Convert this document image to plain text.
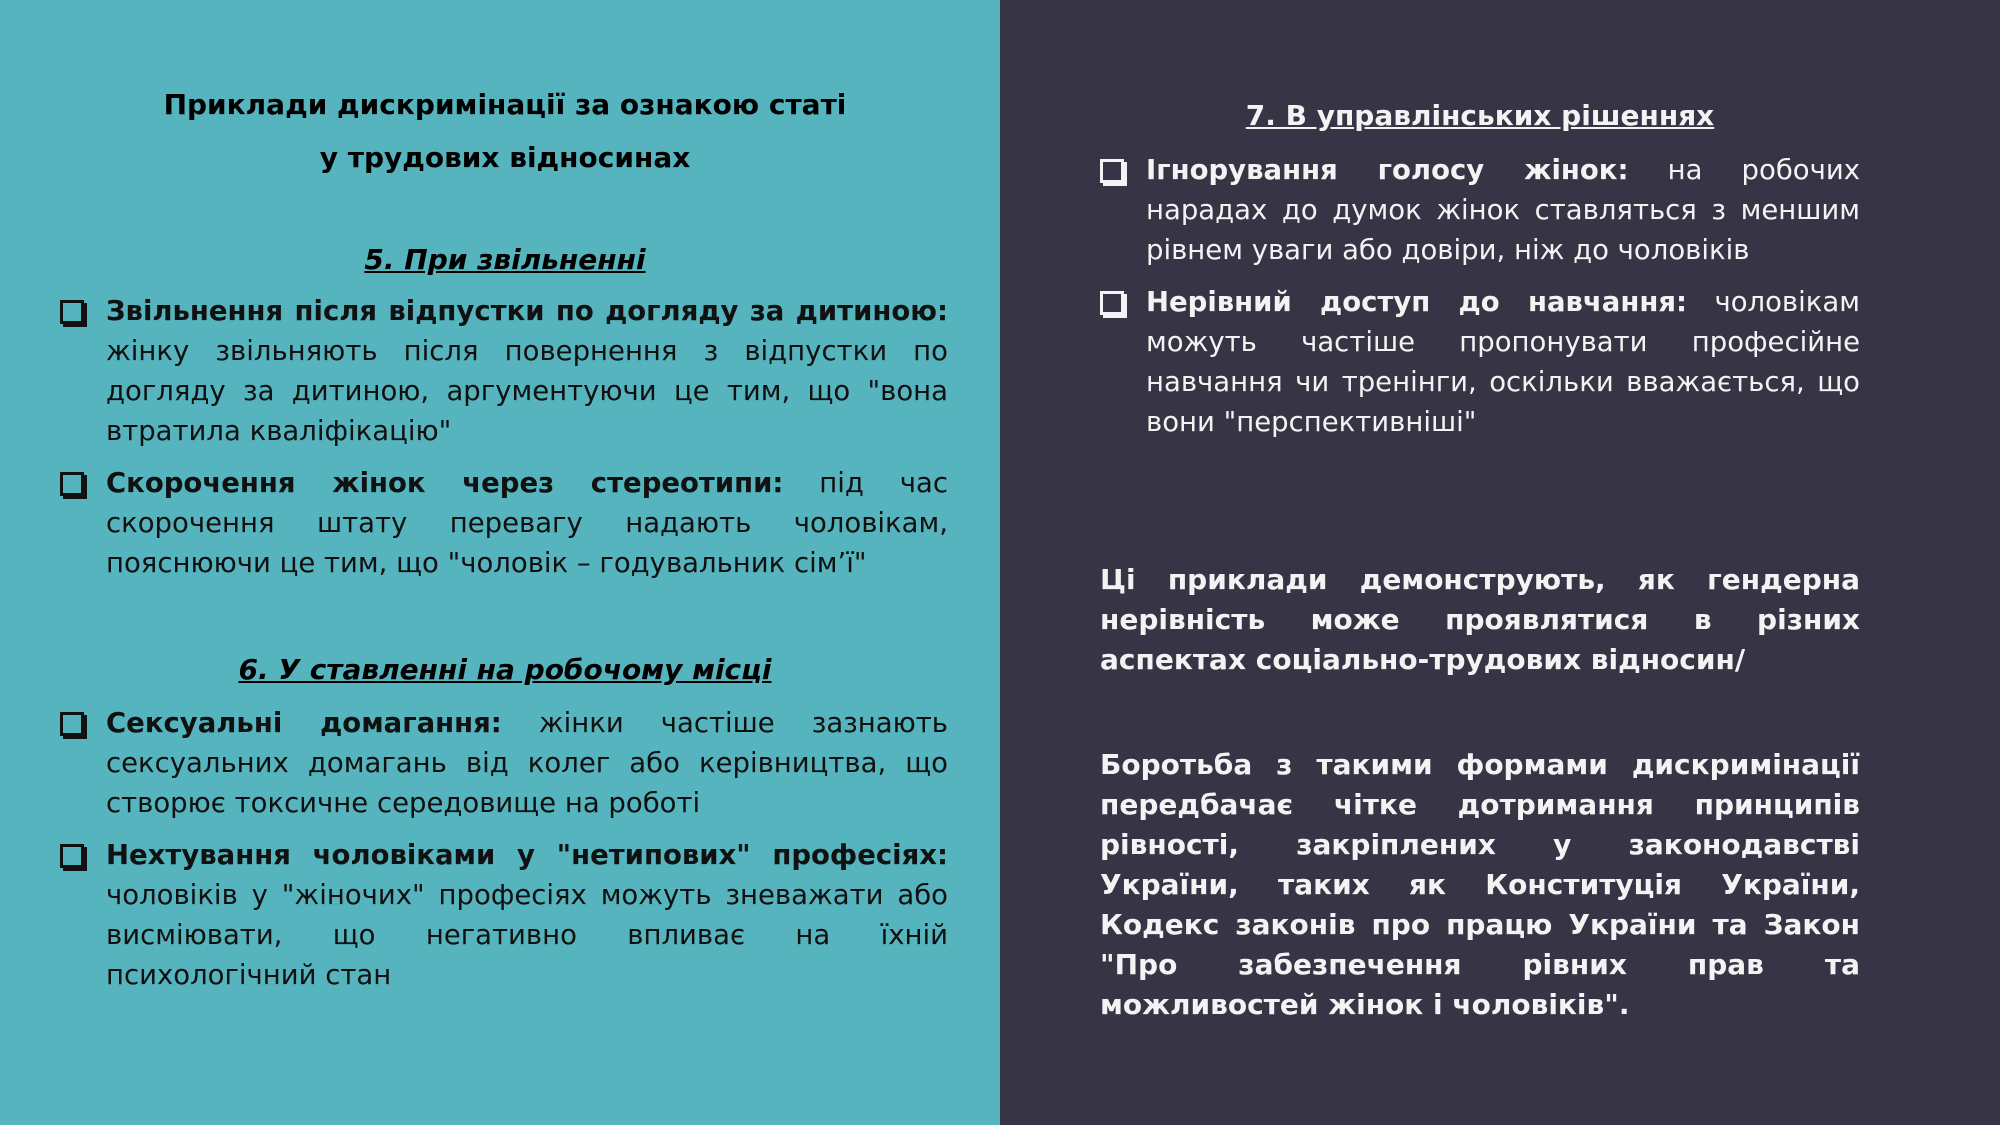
Приклади дискримінації за ознакою статі
у трудових відносинах
5. При звільненні
Звільнення після відпустки по догляду за дитиною: жінку звільняють після повернення з відпустки по догляду за дитиною, аргументуючи це тим, що "вона втратила кваліфікацію"
Скорочення жінок через стереотипи: під час скорочення штату перевагу надають чоловікам, пояснюючи це тим, що "чоловік – годувальник сім’ї"
6. У ставленні на робочому місці
Сексуальні домагання: жінки частіше зазнають сексуальних домагань від колег або керівництва, що створює токсичне середовище на роботі
Нехтування чоловіками у "нетипових" професіях: чоловіків у "жіночих" професіях можуть зневажати або висміювати, що негативно впливає на їхній психологічний стан
7. В управлінських рішеннях
Ігнорування голосу жінок: на робочих нарадах до думок жінок ставляться з меншим рівнем уваги або довіри, ніж до чоловіків
Нерівний доступ до навчання: чоловікам можуть частіше пропонувати професійне навчання чи тренінги, оскільки вважається, що вони "перспективніші"

Ці приклади демонструють, як гендерна нерівність може проявлятися в різних аспектах соціально-трудових відносин/

Боротьба з такими формами дискримінації передбачає чітке дотримання принципів рівності, закріплених у законодавстві України, таких як Конституція України, Кодекс законів про працю України та Закон "Про забезпечення рівних прав та можливостей жінок і чоловіків".
